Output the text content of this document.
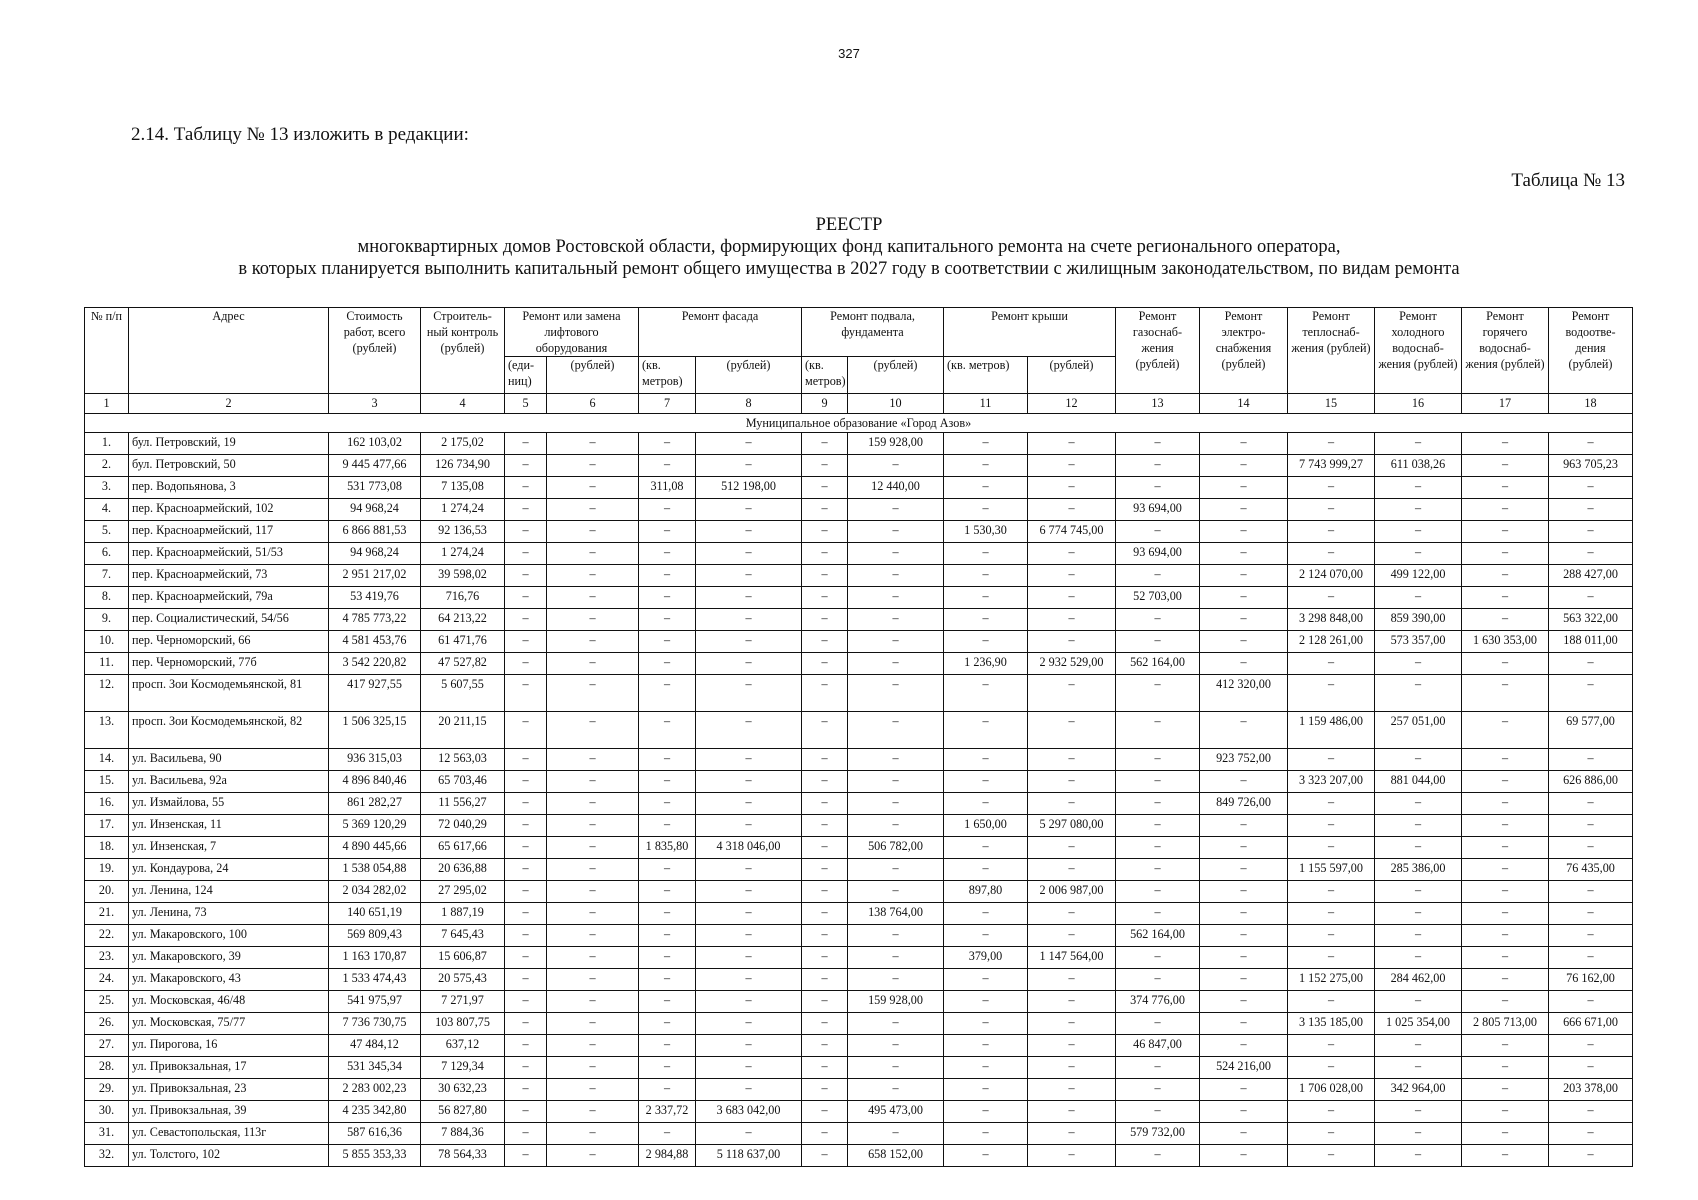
327
2.14. Таблицу № 13 изложить в редакции:
Таблица № 13
РЕЕСТР
многоквартирных домов Ростовской области, формирующих фонд капитального ремонта на счете регионального оператора,
в которых планируется выполнить капитальный ремонт общего имущества в 2027 году в соответствии с жилищным законодательством, по видам ремонта
№ п/п	Адрес	Стоимость работ, всего (рублей)	Строитель-ный контроль (рублей)	Ремонт или замена лифтового оборудования		Ремонт фасада		Ремонт подвала, фундамента		Ремонт крыши		Ремонт газоснаб-жения (рублей)	Ремонт электро-снабжения (рублей)	Ремонт теплоснаб-жения (рублей)	Ремонт холодного водоснаб-жения (рублей)	Ремонт горячего водоснаб-жения (рублей)	Ремонт водоотве-дения (рублей)
				(еди-ниц)	(рублей)	(кв. метров)	(рублей)	(кв. метров)	(рублей)	(кв. метров)	(рублей)						
1	2	3	4	5	6	7	8	9	10	11	12	13	14	15	16	17	18
Муниципальное образование «Город Азов»																	
1.	бул. Петровский, 19	162 103,02	2 175,02	–	–	–	–	–	159 928,00	–	–	–	–	–	–	–	–
2.	бул. Петровский, 50	9 445 477,66	126 734,90	–	–	–	–	–	–	–	–	–	–	7 743 999,27	611 038,26	–	963 705,23
3.	пер. Водопьянова, 3	531 773,08	7 135,08	–	–	311,08	512 198,00	–	12 440,00	–	–	–	–	–	–	–	–
4.	пер. Красноармейский, 102	94 968,24	1 274,24	–	–	–	–	–	–	–	–	93 694,00	–	–	–	–	–
5.	пер. Красноармейский, 117	6 866 881,53	92 136,53	–	–	–	–	–	–	1 530,30	6 774 745,00	–	–	–	–	–	–
6.	пер. Красноармейский, 51/53	94 968,24	1 274,24	–	–	–	–	–	–	–	–	93 694,00	–	–	–	–	–
7.	пер. Красноармейский, 73	2 951 217,02	39 598,02	–	–	–	–	–	–	–	–	–	–	2 124 070,00	499 122,00	–	288 427,00
8.	пер. Красноармейский, 79а	53 419,76	716,76	–	–	–	–	–	–	–	–	52 703,00	–	–	–	–	–
9.	пер. Социалистический, 54/56	4 785 773,22	64 213,22	–	–	–	–	–	–	–	–	–	–	3 298 848,00	859 390,00	–	563 322,00
10.	пер. Черноморский, 66	4 581 453,76	61 471,76	–	–	–	–	–	–	–	–	–	–	2 128 261,00	573 357,00	1 630 353,00	188 011,00
11.	пер. Черноморский, 77б	3 542 220,82	47 527,82	–	–	–	–	–	–	1 236,90	2 932 529,00	562 164,00	–	–	–	–	–
12.	просп. Зои Космодемьянской, 81	417 927,55	5 607,55	–	–	–	–	–	–	–	–	–	412 320,00	–	–	–	–
13.	просп. Зои Космодемьянской, 82	1 506 325,15	20 211,15	–	–	–	–	–	–	–	–	–	–	1 159 486,00	257 051,00	–	69 577,00
14.	ул. Васильева, 90	936 315,03	12 563,03	–	–	–	–	–	–	–	–	–	923 752,00	–	–	–	–
15.	ул. Васильева, 92а	4 896 840,46	65 703,46	–	–	–	–	–	–	–	–	–	–	3 323 207,00	881 044,00	–	626 886,00
16.	ул. Измайлова, 55	861 282,27	11 556,27	–	–	–	–	–	–	–	–	–	849 726,00	–	–	–	–
17.	ул. Инзенская, 11	5 369 120,29	72 040,29	–	–	–	–	–	–	1 650,00	5 297 080,00	–	–	–	–	–	–
18.	ул. Инзенская, 7	4 890 445,66	65 617,66	–	–	1 835,80	4 318 046,00	–	506 782,00	–	–	–	–	–	–	–	–
19.	ул. Кондаурова, 24	1 538 054,88	20 636,88	–	–	–	–	–	–	–	–	–	–	1 155 597,00	285 386,00	–	76 435,00
20.	ул. Ленина, 124	2 034 282,02	27 295,02	–	–	–	–	–	–	897,80	2 006 987,00	–	–	–	–	–	–
21.	ул. Ленина, 73	140 651,19	1 887,19	–	–	–	–	–	138 764,00	–	–	–	–	–	–	–	–
22.	ул. Макаровского, 100	569 809,43	7 645,43	–	–	–	–	–	–	–	–	562 164,00	–	–	–	–	–
23.	ул. Макаровского, 39	1 163 170,87	15 606,87	–	–	–	–	–	–	379,00	1 147 564,00	–	–	–	–	–	–
24.	ул. Макаровского, 43	1 533 474,43	20 575,43	–	–	–	–	–	–	–	–	–	–	1 152 275,00	284 462,00	–	76 162,00
25.	ул. Московская, 46/48	541 975,97	7 271,97	–	–	–	–	–	159 928,00	–	–	374 776,00	–	–	–	–	–
26.	ул. Московская, 75/77	7 736 730,75	103 807,75	–	–	–	–	–	–	–	–	–	–	3 135 185,00	1 025 354,00	2 805 713,00	666 671,00
27.	ул. Пирогова, 16	47 484,12	637,12	–	–	–	–	–	–	–	–	46 847,00	–	–	–	–	–
28.	ул. Привокзальная, 17	531 345,34	7 129,34	–	–	–	–	–	–	–	–	–	524 216,00	–	–	–	–
29.	ул. Привокзальная, 23	2 283 002,23	30 632,23	–	–	–	–	–	–	–	–	–	–	1 706 028,00	342 964,00	–	203 378,00
30.	ул. Привокзальная, 39	4 235 342,80	56 827,80	–	–	2 337,72	3 683 042,00	–	495 473,00	–	–	–	–	–	–	–	–
31.	ул. Севастопольская, 113г	587 616,36	7 884,36	–	–	–	–	–	–	–	–	579 732,00	–	–	–	–	–
32.	ул. Толстого, 102	5 855 353,33	78 564,33	–	–	2 984,88	5 118 637,00	–	658 152,00	–	–	–	–	–	–	–	–
